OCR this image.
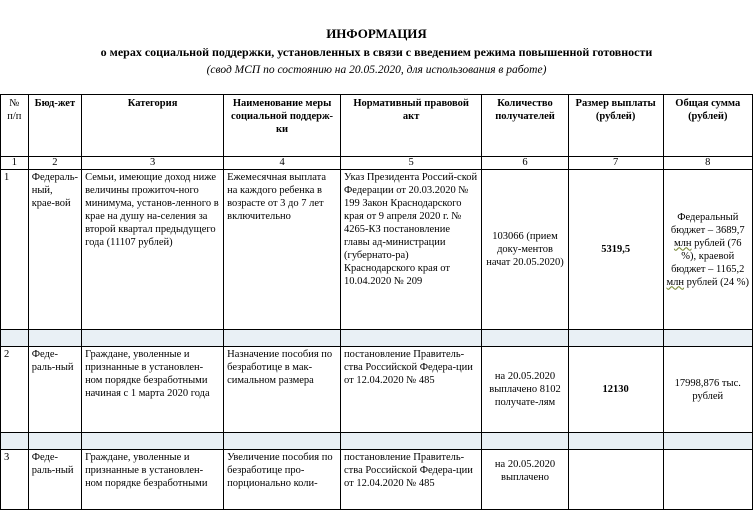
ИНФОРМАЦИЯ
о мерах социальной поддержки, установленных в связи с введением режима повышенной готовности
(свод МСП по состоянию на 20.05.2020, для использования в работе)
№ п/п	Бюд-жет	Категория	Наименование меры социальной поддерж-ки	Нормативный правовой акт	Количество получателей	Размер выплаты (рублей)	Общая сумма (рублей)
1	2	3	4	5	6	7	8
1	Федераль-ный, крае-вой	Семьи, имеющие доход ниже величины прожиточ-ного минимума, установ-ленного в крае на душу на-селения за второй квартал предыдущего года (11107 рублей)	Ежемесячная выплата на каждого ребенка в возрасте от 3 до 7 лет включительно	Указ Президента Россий-ской Федерации от 20.03.2020 № 199 Закон Краснодарского края от 9 апреля 2020 г. № 4265-КЗ постановление главы ад-министрации (губернато-ра) Краснодарского края от 10.04.2020 № 209	103066 (прием доку-ментов начат 20.05.2020)	5319,5	Федеральный бюджет – 3689,7 млн рублей (76 %), краевой бюджет – 1165,2 млн рублей (24 %)

2	Феде-раль-ный	Граждане, уволенные и признанные в установлен-ном порядке безработными начиная с 1 марта 2020 года	Назначение пособия по безработице в мак-симальном размера	постановление Правитель-ства Российской Федера-ции от 12.04.2020 № 485	на 20.05.2020 выплачено 8102 получате-лям	12130	17998,876 тыс. рублей

3	Феде-раль-ный	Граждане, уволенные и признанные в установлен-ном порядке безработными	Увеличение пособия по безработице про-порционально коли-	постановление Правитель-ства Российской Федера-ции от 12.04.2020 № 485	на 20.05.2020 выплачено		
